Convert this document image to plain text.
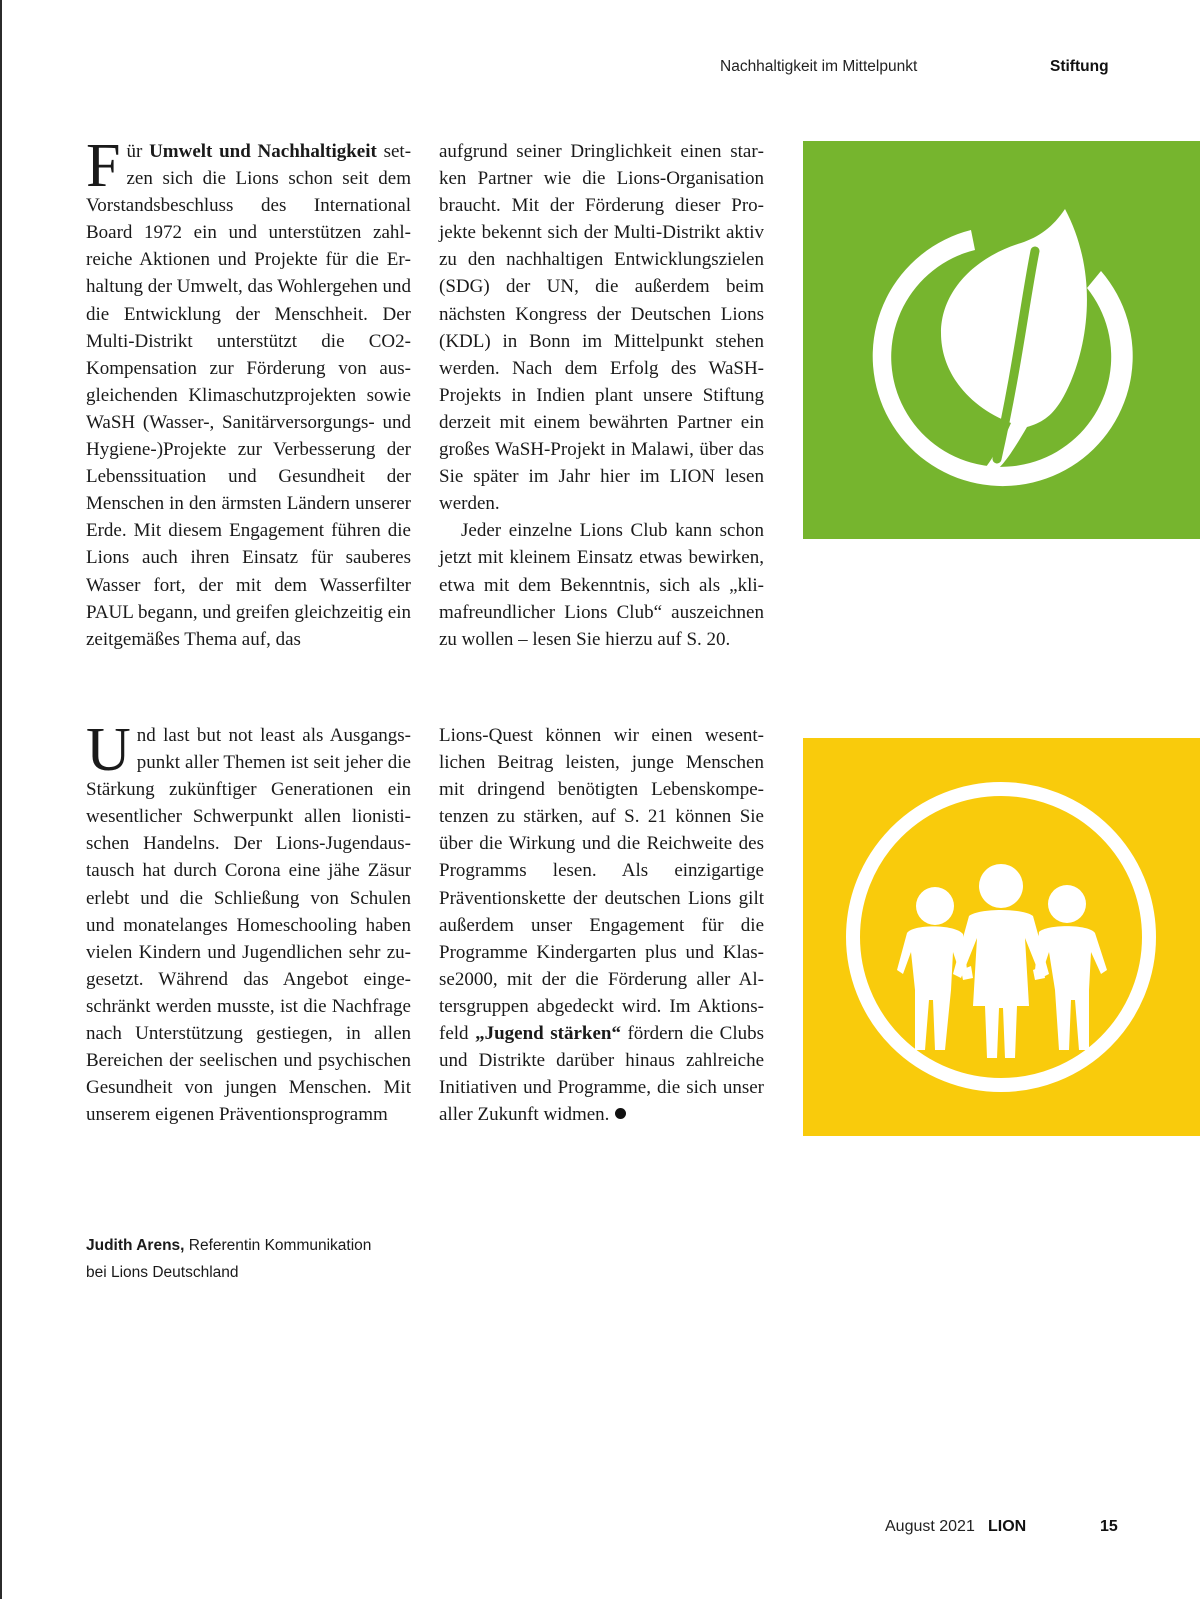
Nachhaltigkeit im Mittelpunkt	Stiftung

Für Umwelt und Nachhaltigkeit setzen sich die Lions schon seit dem Vorstandsbeschluss des International Board 1972 ein und unterstützen zahlreiche Aktionen und Projekte für die Erhaltung der Umwelt, das Wohlergehen und die Entwicklung der Menschheit. Der Multi-Distrikt unterstützt die CO2-Kompensation zur Förderung von ausgleichenden Klimaschutzprojekten sowie WaSH (Wasser-, Sanitärversorgungs- und Hygiene-)Projekte zur Verbesserung der Lebenssituation und Gesundheit der Menschen in den ärmsten Ländern unserer Erde. Mit diesem Engagement führen die Lions auch ihren Einsatz für sauberes Wasser fort, der mit dem Wasserfilter PAUL begann, und greifen gleichzeitig ein zeitgemäßes Thema auf, das

aufgrund seiner Dringlichkeit einen starken Partner wie die Lions-Organisation braucht. Mit der Förderung dieser Projekte bekennt sich der Multi-Distrikt aktiv zu den nachhaltigen Entwicklungszielen (SDG) der UN, die außerdem beim nächsten Kongress der Deutschen Lions (KDL) in Bonn im Mittelpunkt stehen werden. Nach dem Erfolg des WaSH-Projekts in Indien plant unsere Stiftung derzeit mit einem bewährten Partner ein großes WaSH-Projekt in Malawi, über das Sie später im Jahr hier im LION lesen werden.

Jeder einzelne Lions Club kann schon jetzt mit kleinem Einsatz etwas bewirken, etwa mit dem Bekenntnis, sich als „klimafreundlicher Lions Club“ auszeichnen zu wollen – lesen Sie hierzu auf S. 20.

Und last but not least als Ausgangspunkt aller Themen ist seit jeher die Stärkung zukünftiger Generationen ein wesentlicher Schwerpunkt allen lionistischen Handelns. Der Lions-Jugendaustausch hat durch Corona eine jähe Zäsur erlebt und die Schließung von Schulen und monatelanges Homeschooling haben vielen Kindern und Jugendlichen sehr zugesetzt. Während das Angebot eingeschränkt werden musste, ist die Nachfrage nach Unterstützung gestiegen, in allen Bereichen der seelischen und psychischen Gesundheit von jungen Menschen. Mit unserem eigenen Präventionsprogramm

Lions-Quest können wir einen wesentlichen Beitrag leisten, junge Menschen mit dringend benötigten Lebenskompetenzen zu stärken, auf S. 21 können Sie über die Wirkung und die Reichweite des Programms lesen. Als einzigartige Präventionskette der deutschen Lions gilt außerdem unser Engagement für die Programme Kindergarten plus und Klasse2000, mit der die Förderung aller Altersgruppen abgedeckt wird. Im Aktionsfeld „Jugend stärken“ fördern die Clubs und Distrikte darüber hinaus zahlreiche Initiativen und Programme, die sich unser aller Zukunft widmen.

Judith Arens, Referentin Kommunikation
bei Lions Deutschland
August 2021 LION	15
